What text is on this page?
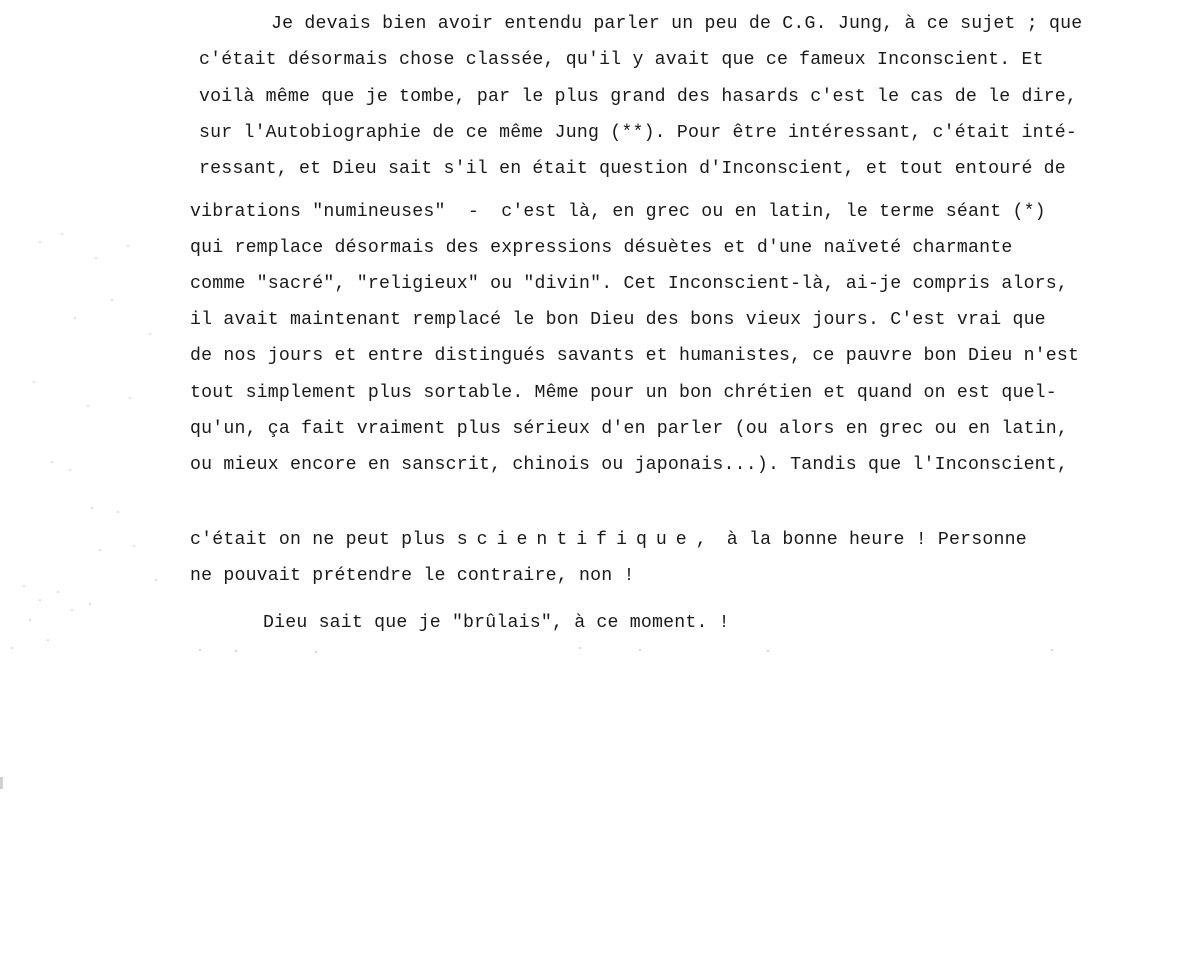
Je devais bien avoir entendu parler un peu de C.G. Jung, à ce sujet ; que
c'était désormais chose classée, qu'il y avait que ce fameux Inconscient. Et
voilà même que je tombe, par le plus grand des hasards c'est le cas de le dire,
sur l'Autobiographie de ce même Jung (**). Pour être intéressant, c'était inté-
ressant, et Dieu sait s'il en était question d'Inconscient, et tout entouré de
vibrations "numineuses"  -  c'est là, en grec ou en latin, le terme séant (*)
qui remplace désormais des expressions désuètes et d'une naïveté charmante
comme "sacré", "religieux" ou "divin". Cet Inconscient-là, ai-je compris alors,
il avait maintenant remplacé le bon Dieu des bons vieux jours. C'est vrai que
de nos jours et entre distingués savants et humanistes, ce pauvre bon Dieu n'est
tout simplement plus sortable. Même pour un bon chrétien et quand on est quel-
qu'un, ça fait vraiment plus sérieux d'en parler (ou alors en grec ou en latin,
ou mieux encore en sanscrit, chinois ou japonais...). Tandis que l'Inconscient,
c'était on ne peut plus scientifique, à la bonne heure ! Personne
ne pouvait prétendre le contraire, non !
Dieu sait que je "brûlais", à ce moment. !
